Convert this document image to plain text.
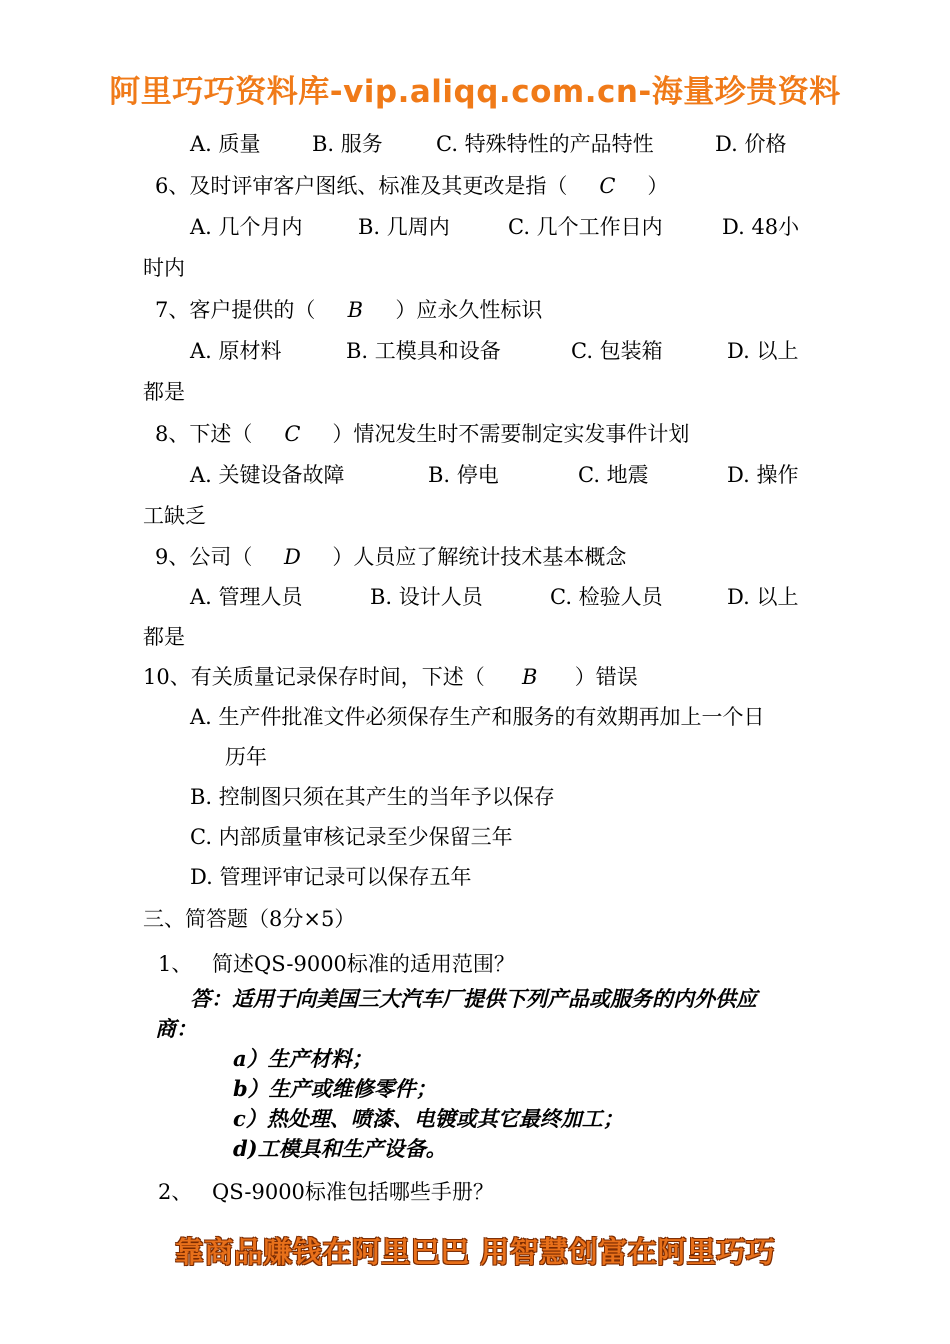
阿里巧巧资料库-vip.aliqq.com.cn-海量珍贵资料
A. 质量 B. 服务	C. 特殊特性的产品特性	D. 价格
6、及时评审客户图纸、标准及其更改是指（ C ）
A. 几个月内	B. 几周内	C. 几个工作日内	D. 48小
时内
7、客户提供的（ B ）应永久性标识
A. 原材料	B. 工模具和设备	C. 包装箱	D. 以上
都是
8、下述（ C ）情况发生时不需要制定实发事件计划
A. 关键设备故障	B. 停电	C. 地震	D. 操作
工缺乏
9、公司（ D ）人员应了解统计技术基本概念
A. 管理人员	B. 设计人员	C. 检验人员	D. 以上
都是
10、有关质量记录保存时间，下述（ B ）错误
A. 生产件批准文件必须保存生产和服务的有效期再加上一个日
历年
B. 控制图只须在其产生的当年予以保存
C. 内部质量审核记录至少保留三年
D. 管理评审记录可以保存五年
三、简答题（8分×5）
1、 简述QS-9000标准的适用范围？
答：适用于向美国三大汽车厂提供下列产品或服务的内外供应
商：
a）生产材料；
b）生产或维修零件；
c）热处理、喷漆、电镀或其它最终加工；
d)工模具和生产设备。
2、 QS-9000标准包括哪些手册？
靠商品赚钱在阿里巴巴 用智慧创富在阿里巧巧
